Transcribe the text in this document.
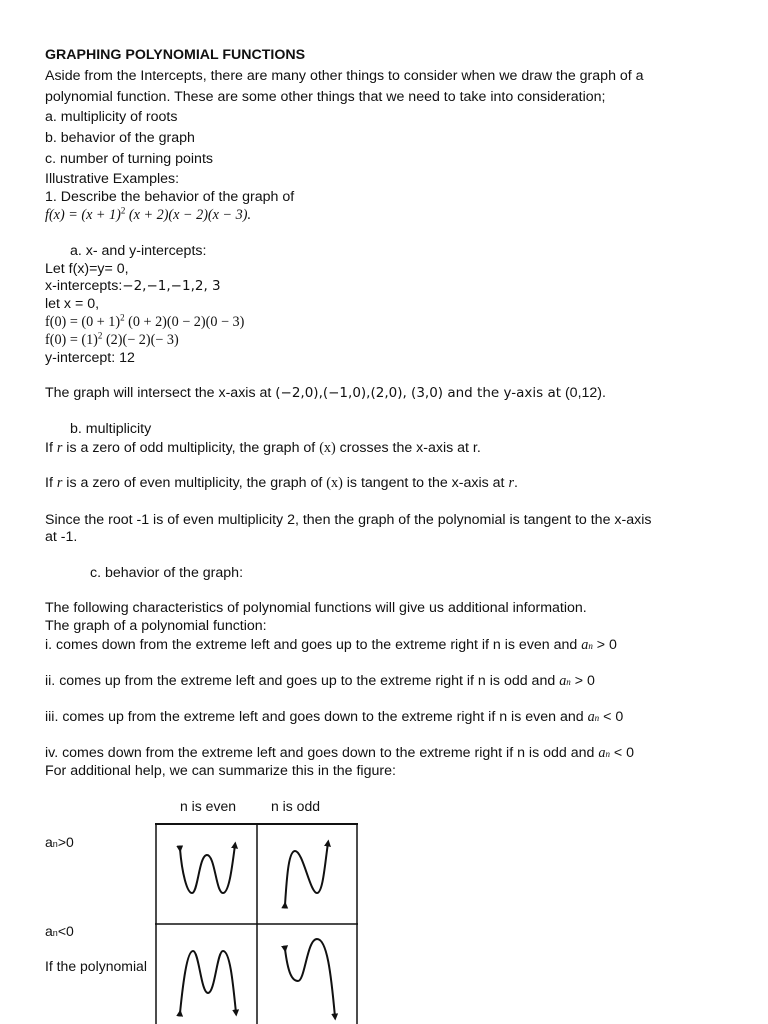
GRAPHING POLYNOMIAL FUNCTIONS
Aside from the Intercepts, there are many other things to consider when we draw the graph of a
polynomial function. These are some other things that we need to take into consideration;
a. multiplicity of roots
b. behavior of the graph
c. number of turning points
Illustrative Examples:
1. Describe the behavior of the graph of
$f(x) = (x + 1)^2$ (x + 2)(x − 2)(x − 3).
a. x- and y-intercepts:
Let f(x)=y= 0,
x-intercepts:−2,−1,−1,2, 3
let x = 0,
$f(0) = (0 + 1)^2$ (0 + 2)(0 − 2)(0 − 3)
$f(0) = (1)^2$ (2)(− 2)(− 3)
y-intercept: 12
The graph will intersect the x-axis at (−2,0),(−1,0),(2,0), (3,0) and the y-axis at (0,12).
b. multiplicity
If r is a zero of odd multiplicity, the graph of (x) crosses the x-axis at r.
If r is a zero of even multiplicity, the graph of (x) is tangent to the x-axis at r.
Since the root -1 is of even multiplicity 2, then the graph of the polynomial is tangent to the x-axis
at -1.
c. behavior of the graph:
The following characteristics of polynomial functions will give us additional information.
The graph of a polynomial function:
i. comes down from the extreme left and goes up to the extreme right if n is even and an > 0
ii. comes up from the extreme left and goes up to the extreme right if n is odd and an > 0
iii. comes up from the extreme left and goes down to the extreme right if n is even and an < 0
iv. comes down from the extreme left and goes down to the extreme right if n is odd and an < 0
For additional help, we can summarize this in the figure:
n is even n is odd
an>0
an<0
If the polynomial
